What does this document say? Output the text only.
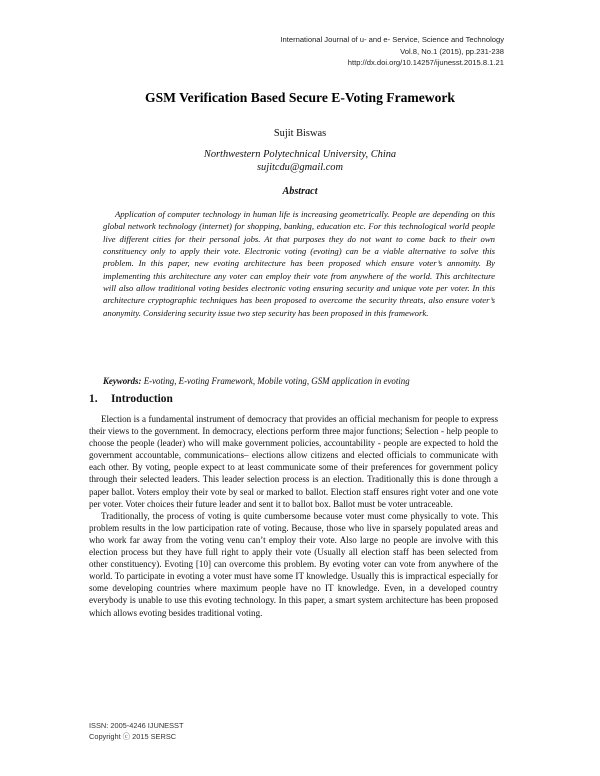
International Journal of u- and e- Service, Science and Technology
Vol.8, No.1 (2015), pp.231-238
http://dx.doi.org/10.14257/ijunesst.2015.8.1.21
GSM Verification Based Secure E-Voting Framework
Sujit Biswas
Northwestern Polytechnical University, China
sujitcdu@gmail.com
Abstract

Application of computer technology in human life is increasing geometrically. People are depending on this global network technology (internet) for shopping, banking, education etc. For this technological world people live different cities for their personal jobs. At that purposes they do not want to come back to their own constituency only to apply their vote. Electronic voting (evoting) can be a viable alternative to solve this problem. In this paper, new evoting architecture has been proposed which ensure voter’s annomity. By implementing this architecture any voter can employ their vote from anywhere of the world. This architecture will also allow traditional voting besides electronic voting ensuring security and unique vote per voter. In this architecture cryptographic techniques has been proposed to overcome the security threats, also ensure voter’s anonymity. Considering security issue two step security has been proposed in this framework.

Keywords: E-voting, E-voting Framework, Mobile voting, GSM application in evoting
1. Introduction

Election is a fundamental instrument of democracy that provides an official mechanism for people to express their views to the government. In democracy, elections perform three major functions; Selection - help people to choose the people (leader) who will make government policies, accountability - people are expected to hold the government accountable, communications– elections allow citizens and elected officials to communicate with each other. By voting, people expect to at least communicate some of their preferences for government policy through their selected leaders. This leader selection process is an election. Traditionally this is done through a paper ballot. Voters employ their vote by seal or marked to ballot. Election staff ensures right voter and one vote per voter. Voter choices their future leader and sent it to ballot box. Ballot must be voter untraceable.

Traditionally, the process of voting is quite cumbersome because voter must come physically to vote. This problem results in the low participation rate of voting. Because, those who live in sparsely populated areas and who work far away from the voting venu can’t employ their vote. Also large no people are involve with this election process but they have full right to apply their vote (Usually all election staff has been selected from other constituency). Evoting [10] can overcome this problem. By evoting voter can vote from anywhere of the world. To participate in evoting a voter must have some IT knowledge. Usually this is impractical especially for some developing countries where maximum people have no IT knowledge. Even, in a developed country everybody is unable to use this evoting technology. In this paper, a smart system architecture has been proposed which allows evoting besides traditional voting.

ISSN: 2005-4246 IJUNESST
Copyright ⓒ 2015 SERSC
